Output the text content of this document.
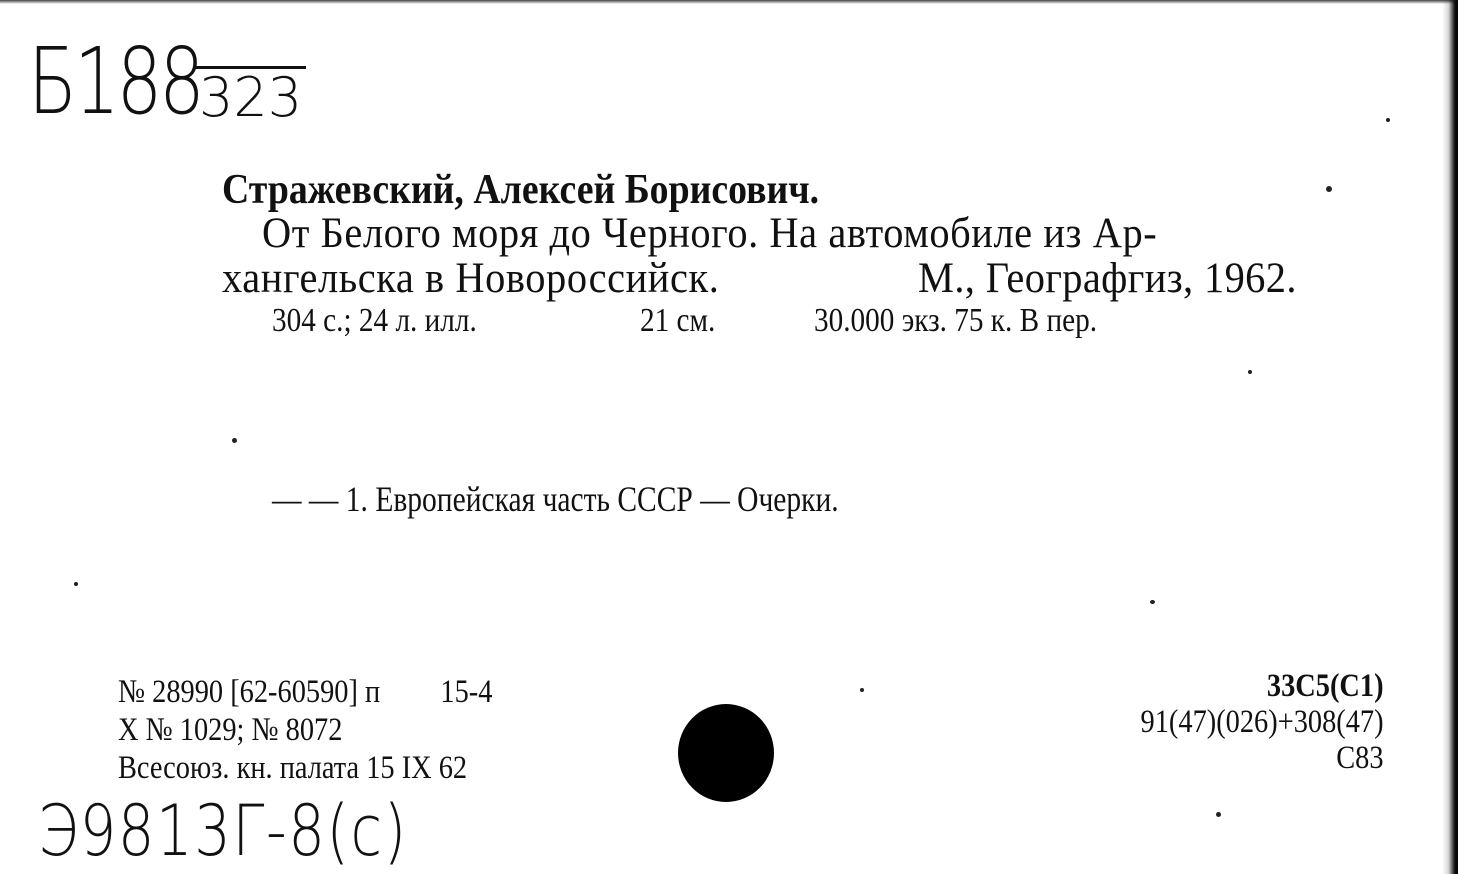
Б188
323
Стражевский, Алексей Борисович.
От Белого моря до Черного. На автомобиле из Ар-
хангельска в Новороссийск.	М., Географгиз, 1962.
304 с.; 24 л. илл.	21 см.	30.000 экз. 75 к. В пер.
— — 1. Европейская часть СССР — Очерки.
№ 28990 [62-60590] п 15-4
Х № 1029; № 8072
Всесоюз. кн. палата 15 IX 62
33С5(С1)
91(47)(026)+308(47)
С83
Э9813Г-8(с)
